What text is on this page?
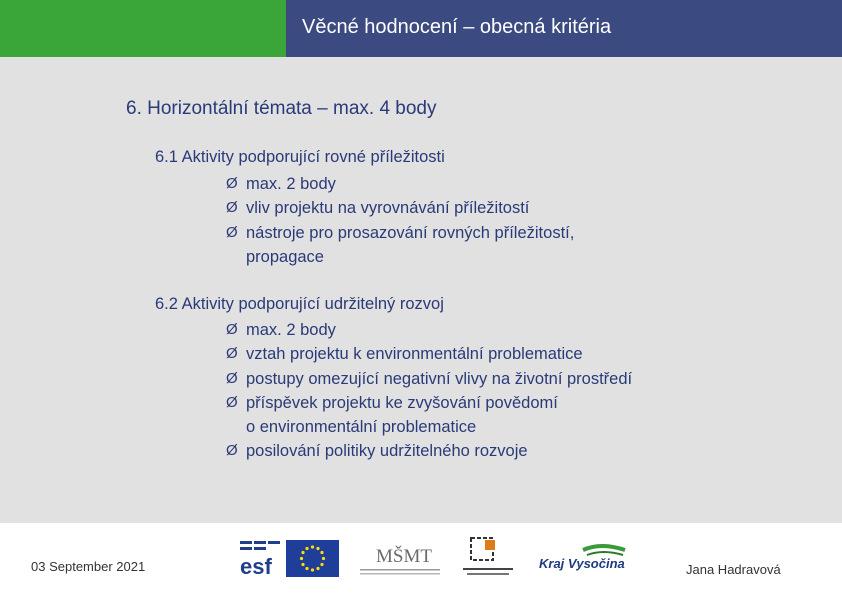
Věcné hodnocení – obecná kritéria
6. Horizontální témata – max. 4 body
6.1 Aktivity podporující rovné příležitosti
Ø max. 2 body
Ø vliv projektu na vyrovnávání příležitostí
Ø nástroje pro prosazování rovných příležitostí,
propagace
6.2 Aktivity podporující udržitelný rozvoj
Ø max. 2 body
Ø vztah projektu k environmentální problematice
Ø postupy omezující negativní vlivy na životní prostředí
Ø příspěvek projektu ke zvyšování povědomí
o environmentální problematice
Ø posilování politiky udržitelného rozvoje
03 September 2021	Jana Hadravová
esf	MŠMT	Kraj Vysočina
